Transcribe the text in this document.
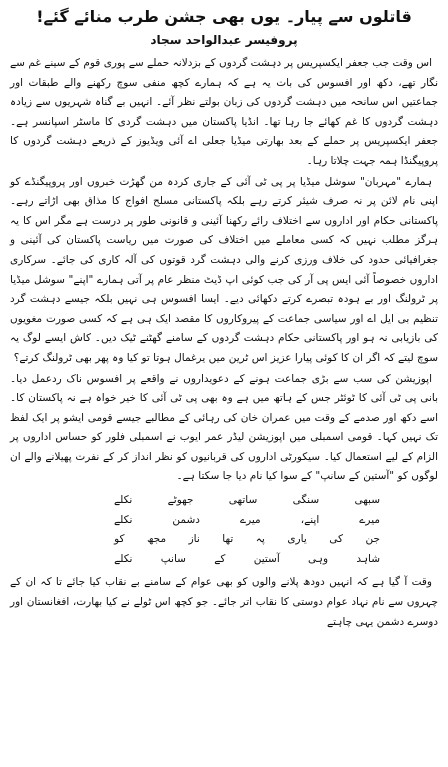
قاتلوں سے پیار۔ یوں بھی جشن طرب منائے گئے!
پروفیسر عبدالواحد سجاد

اس وقت جب جعفر ایکسپریس پر دہشت گردوں کے بزدلانہ حملے سے پوری قوم کے سینے غم سے نگار تھے، دکھ اور افسوس کی بات یہ ہے کہ ہمارے کچھ منفی سوچ رکھنے والے طبقات اور جماعتیں اس سانحہ میں دہشت گردوں کی زبان بولتے نظر آئے۔ انہیں بے گناہ شہریوں سے زیادہ دہشت گردوں کا غم کھائے جا رہا تھا۔ انڈیا پاکستان میں دہشت گردی کا ماسٹر اسپانسر ہے۔ جعفر ایکسپریس پر حملے کے بعد بھارتی میڈیا جعلی اے آئی ویڈیوز کے ذریعے دہشت گردوں کا پروپیگنڈا ہمہ جہت چلاتا رہا۔

ہمارے "مہربان" سوشل میڈیا پر پی ٹی آئی کے جاری کردہ من گھڑت خبروں اور پروپیگنڈے کو اپنی نام لائن پر نہ صرف شیئر کرتے رہے بلکہ پاکستانی مسلح افواج کا مذاق بھی اڑاتے رہے۔ پاکستانی حکام اور اداروں سے اختلاف رائے رکھنا آئینی و قانونی طور پر درست ہے مگر اس کا یہ ہرگز مطلب نہیں کہ کسی معاملے میں اختلاف کی صورت میں ریاست پاکستان کی آئینی و جغرافیائی حدود کی خلاف ورزی کرنے والی دہشت گرد قوتوں کی آلہ کاری کی جائے۔ سرکاری اداروں خصوصاً آئی ایس پی آر کی جب کوئی اپ ڈیٹ منظر عام پر آتی ہمارے "اپنے" سوشل میڈیا پر ٹرولنگ اور بے ہودہ تبصرے کرتے دکھائی دیے۔ ایسا افسوس ہی نہیں بلکہ جیسے دہشت گرد تنظیم بی ایل اے اور سیاسی جماعت کے پیروکاروں کا مقصد ایک ہی ہے کہ کسی صورت مغویوں کی بازیابی نہ ہو اور پاکستانی حکام دہشت گردوں کے سامنے گھٹنے ٹیک دیں۔ کاش ایسے لوگ یہ سوچ لیتے کہ اگر ان کا کوئی پیارا عزیز اس ٹرین میں یرغمال ہوتا تو کیا وہ پھر بھی ٹرولنگ کرتے؟

اپوزیشن کی سب سے بڑی جماعت ہونے کے دعویداروں نے واقعے پر افسوس ناک ردعمل دیا۔ بانی پی ٹی آئی کا ٹوئٹر جس کے ہاتھ میں ہے وہ بھی پی ٹی آئی کا خیر خواہ ہے نہ پاکستان کا۔ اسے دکھ اور صدمے کے وقت میں عمران خان کی رہائی کے مطالبے جیسے قومی ایشو پر ایک لفظ تک نہیں کہا۔ قومی اسمبلی میں اپوزیشن لیڈر عمر ایوب نے اسمبلی فلور کو حساس اداروں پر الزام کے لیے استعمال کیا۔ سیکورٹی اداروں کی قربانیوں کو نظر انداز کر کے نفرت پھیلانے والے ان لوگوں کو "آستین کے سانپ" کے سوا کیا نام دیا جا سکتا ہے۔

سبھی
سنگی
ساتھی
جھوٹے
نکلے
میرے
اپنے،
میرے
دشمن
نکلے
جن
کی
یاری
پہ
تھا
ناز
مجھ
کو
شاہد
وہی
آستین
کے
سانپ
نکلے

وقت آ گیا ہے کہ انہیں دودھ پلانے والوں کو بھی عوام کے سامنے بے نقاب کیا جائے تا کہ ان کے چہروں سے نام نہاد عوام دوستی کا نقاب اتر جائے۔ جو کچھ اس ٹولے نے کیا بھارت، افغانستان اور دوسرے دشمن یہی چاہتے
